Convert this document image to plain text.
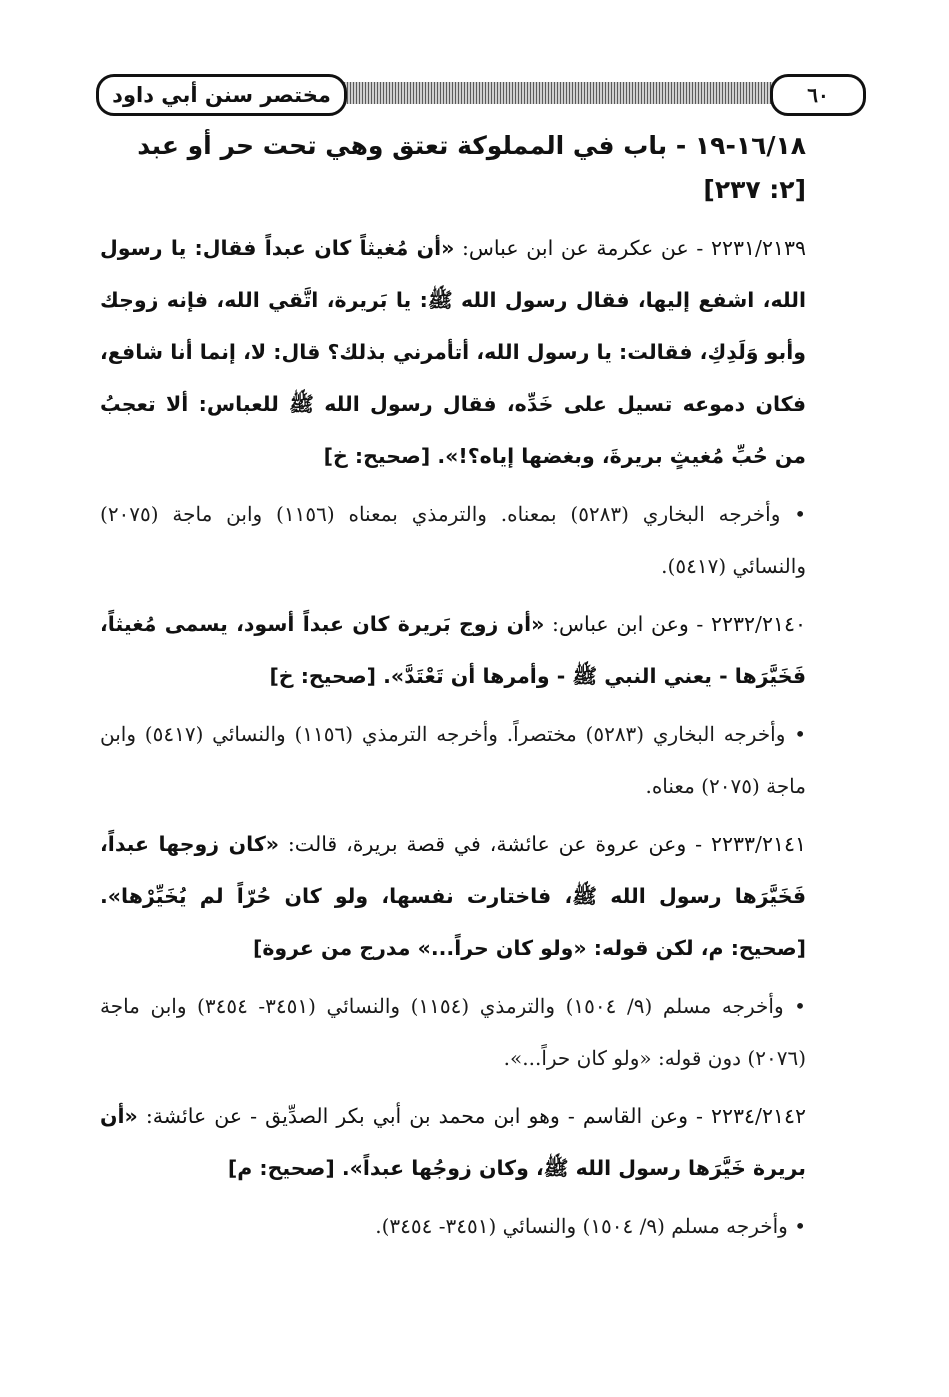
مختصر سنن أبي داود	٦٠
١٦/١٨-١٩ - باب في المملوكة تعتق وهي تحت حر أو عبد [٢: ٢٣٧]

٢٢٣١/٢١٣٩ - عن عكرمة عن ابن عباس: «أن مُغيثاً كان عبداً فقال: يا رسول الله، اشفع إليها، فقال رسول الله ﷺ: يا بَريرة، اتَّقي الله، فإنه زوجك وأبو وَلَدِكِ، فقالت: يا رسول الله، أتأمرني بذلك؟ قال: لا، إنما أنا شافع، فكان دموعه تسيل على خَدِّه، فقال رسول الله ﷺ للعباس: ألا تعجبُ من حُبِّ مُغيثٍ بريرةَ، وبغضها إياه؟!». [صحيح: خ]

• وأخرجه البخاري (٥٢٨٣) بمعناه. والترمذي بمعناه (١١٥٦) وابن ماجة (٢٠٧٥) والنسائي (٥٤١٧).

٢٢٣٢/٢١٤٠ - وعن ابن عباس: «أن زوج بَريرة كان عبداً أسود، يسمى مُغيثاً، فَخَيَّرَها - يعني النبي ﷺ - وأمرها أن تَعْتَدَّ». [صحيح: خ]

• وأخرجه البخاري (٥٢٨٣) مختصراً. وأخرجه الترمذي (١١٥٦) والنسائي (٥٤١٧) وابن ماجة (٢٠٧٥) معناه.

٢٢٣٣/٢١٤١ - وعن عروة عن عائشة، في قصة بريرة، قالت: «كان زوجها عبداً، فَخَيَّرَها رسول الله ﷺ، فاختارت نفسها، ولو كان حُرّاً لم يُخَيِّرْها». [صحيح: م، لكن قوله: «ولو كان حراً...» مدرج من عروة]

• وأخرجه مسلم (٩/ ١٥٠٤) والترمذي (١١٥٤) والنسائي (٣٤٥١- ٣٤٥٤) وابن ماجة (٢٠٧٦) دون قوله: «ولو كان حراً...».

٢٢٣٤/٢١٤٢ - وعن القاسم - وهو ابن محمد بن أبي بكر الصدِّيق - عن عائشة: «أن بريرة خَيَّرَها رسول الله ﷺ، وكان زوجُها عبداً». [صحيح: م]

• وأخرجه مسلم (٩/ ١٥٠٤) والنسائي (٣٤٥١- ٣٤٥٤).
